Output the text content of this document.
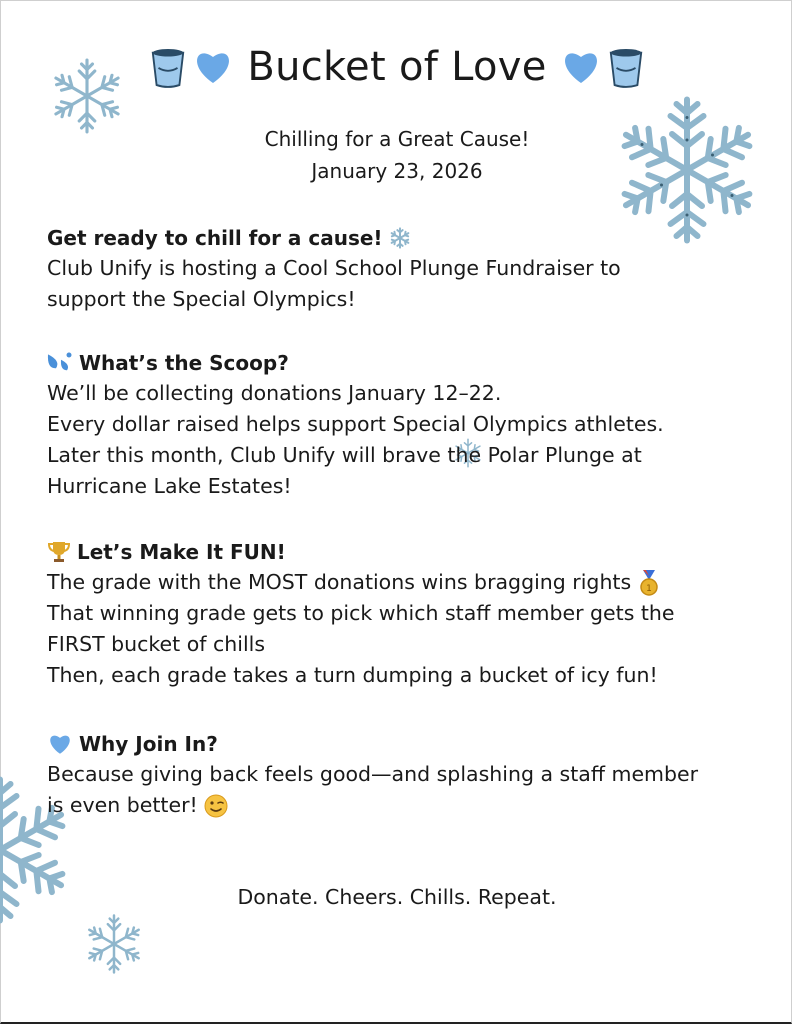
Bucket of Love
Chilling for a Great Cause!
January 23, 2026
Get ready to chill for a cause!
Club Unify is hosting a Cool School Plunge Fundraiser to
support the Special Olympics!
What’s the Scoop?
We’ll be collecting donations January 12–22.
Every dollar raised helps support Special Olympics athletes.
Later this month, Club Unify will brave the Polar Plunge at
Hurricane Lake Estates!
Let’s Make It FUN!
The grade with the MOST donations wins bragging rights 1
That winning grade gets to pick which staff member gets the
FIRST bucket of chills
Then, each grade takes a turn dumping a bucket of icy fun!
Why Join In?
Because giving back feels good—and splashing a staff member
is even better!
Donate. Cheers. Chills. Repeat.
